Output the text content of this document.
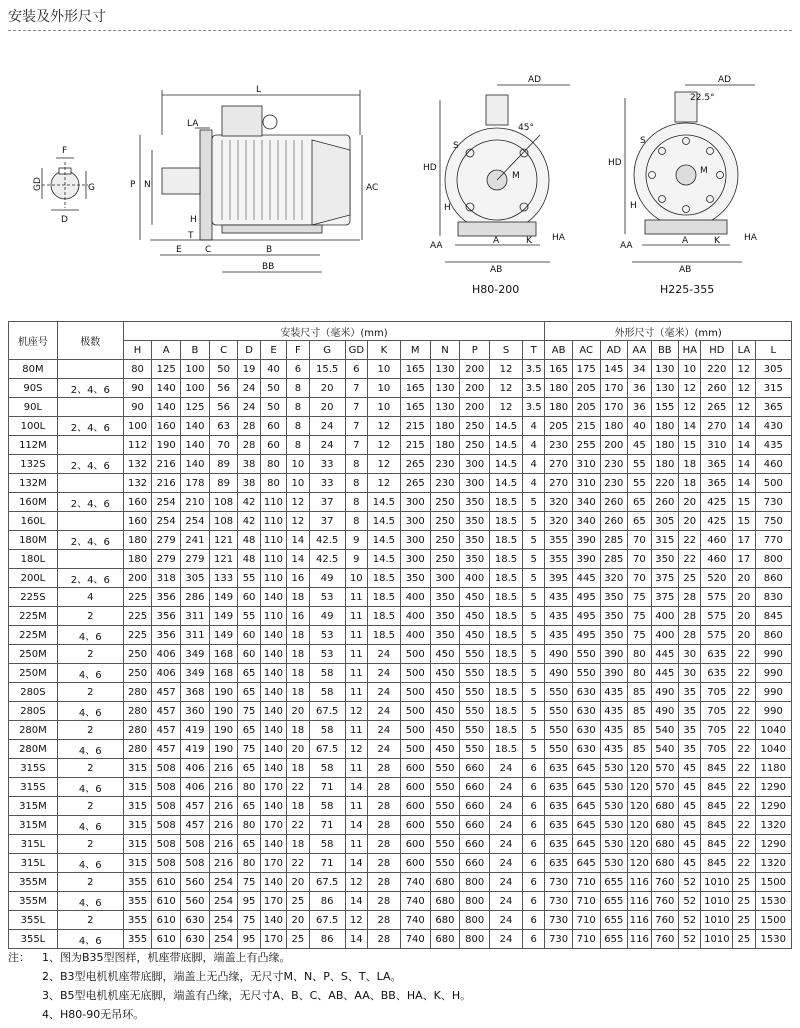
安装及外形尺寸
F
GD	G
D
L
LA
P N	AC
T
E	C	B
BB
H
AD
45°
S
M
HD
H
AA	A	K HA
AB
AD
22.5°
S
M
HD
H
AA	A	K	HA
AB
H80-200	H225-355
机座号	极数	安装尺寸（毫米）(mm)															外形尺寸（毫米）(mm)								
		H	A	B	C	D	E	F	G	GD	K	M	N	P	S	T	AB	AC	AD	AA	BB	HA	HD	LA	L
80M		80	125	100	50	19	40	6	15.5	6	10	165	130	200	12	3.5	165	175	145	34	130	10	220	12	305
90S	2、4、6	90	140	100	56	24	50	8	20	7	10	165	130	200	12	3.5	180	205	170	36	130	12	260	12	315
90L		90	140	125	56	24	50	8	20	7	10	165	130	200	12	3.5	180	205	170	36	155	12	265	12	365
100L	2、4、6	100	160	140	63	28	60	8	24	7	12	215	180	250	14.5	4	205	215	180	40	180	14	270	14	430
112M		112	190	140	70	28	60	8	24	7	12	215	180	250	14.5	4	230	255	200	45	180	15	310	14	435
132S	2、4、6	132	216	140	89	38	80	10	33	8	12	265	230	300	14.5	4	270	310	230	55	180	18	365	14	460
132M		132	216	178	89	38	80	10	33	8	12	265	230	300	14.5	4	270	310	230	55	220	18	365	14	500
160M	2、4、6	160	254	210	108	42	110	12	37	8	14.5	300	250	350	18.5	5	320	340	260	65	260	20	425	15	730
160L		160	254	254	108	42	110	12	37	8	14.5	300	250	350	18.5	5	320	340	260	65	305	20	425	15	750
180M	2、4、6	180	279	241	121	48	110	14	42.5	9	14.5	300	250	350	18.5	5	355	390	285	70	315	22	460	17	770
180L		180	279	279	121	48	110	14	42.5	9	14.5	300	250	350	18.5	5	355	390	285	70	350	22	460	17	800
200L	2、4、6	200	318	305	133	55	110	16	49	10	18.5	350	300	400	18.5	5	395	445	320	70	375	25	520	20	860
225S	4	225	356	286	149	60	140	18	53	11	18.5	400	350	450	18.5	5	435	495	350	75	375	28	575	20	830
225M	2	225	356	311	149	55	110	16	49	11	18.5	400	350	450	18.5	5	435	495	350	75	400	28	575	20	845
225M	4、6	225	356	311	149	60	140	18	53	11	18.5	400	350	450	18.5	5	435	495	350	75	400	28	575	20	860
250M	2	250	406	349	168	60	140	18	53	11	24	500	450	550	18.5	5	490	550	390	80	445	30	635	22	990
250M	4、6	250	406	349	168	65	140	18	58	11	24	500	450	550	18.5	5	490	550	390	80	445	30	635	22	990
280S	2	280	457	368	190	65	140	18	58	11	24	500	450	550	18.5	5	550	630	435	85	490	35	705	22	990
280S	4、6	280	457	360	190	75	140	20	67.5	12	24	500	450	550	18.5	5	550	630	435	85	490	35	705	22	990
280M	2	280	457	419	190	65	140	18	58	11	24	500	450	550	18.5	5	550	630	435	85	540	35	705	22	1040
280M	4、6	280	457	419	190	75	140	20	67.5	12	24	500	450	550	18.5	5	550	630	435	85	540	35	705	22	1040
315S	2	315	508	406	216	65	140	18	58	11	28	600	550	660	24	6	635	645	530	120	570	45	845	22	1180
315S	4、6	315	508	406	216	80	170	22	71	14	28	600	550	660	24	6	635	645	530	120	570	45	845	22	1290
315M	2	315	508	457	216	65	140	18	58	11	28	600	550	660	24	6	635	645	530	120	680	45	845	22	1290
315M	4、6	315	508	457	216	80	170	22	71	14	28	600	550	660	24	6	635	645	530	120	680	45	845	22	1320
315L	2	315	508	508	216	65	140	18	58	11	28	600	550	660	24	6	635	645	530	120	680	45	845	22	1290
315L	4、6	315	508	508	216	80	170	22	71	14	28	600	550	660	24	6	635	645	530	120	680	45	845	22	1320
355M	2	355	610	560	254	75	140	20	67.5	12	28	740	680	800	24	6	730	710	655	116	760	52	1010	25	1500
355M	4、6	355	610	560	254	95	170	25	86	14	28	740	680	800	24	6	730	710	655	116	760	52	1010	25	1530
355L	2	355	610	630	254	75	140	20	67.5	12	28	740	680	800	24	6	730	710	655	116	760	52	1010	25	1500
355L	4、6	355	610	630	254	95	170	25	86	14	28	740	680	800	24	6	730	710	655	116	760	52	1010	25	1530
注： 1、图为B35型图样，机座带底脚，端盖上有凸缘。
2、B3型电机机座带底脚，端盖上无凸缘，无尺寸M、N、P、S、T、LA。
3、B5型电机机座无底脚，端盖有凸缘，无尺寸A、B、C、AB、AA、BB、HA、K、H。
4、H80-90无吊环。
